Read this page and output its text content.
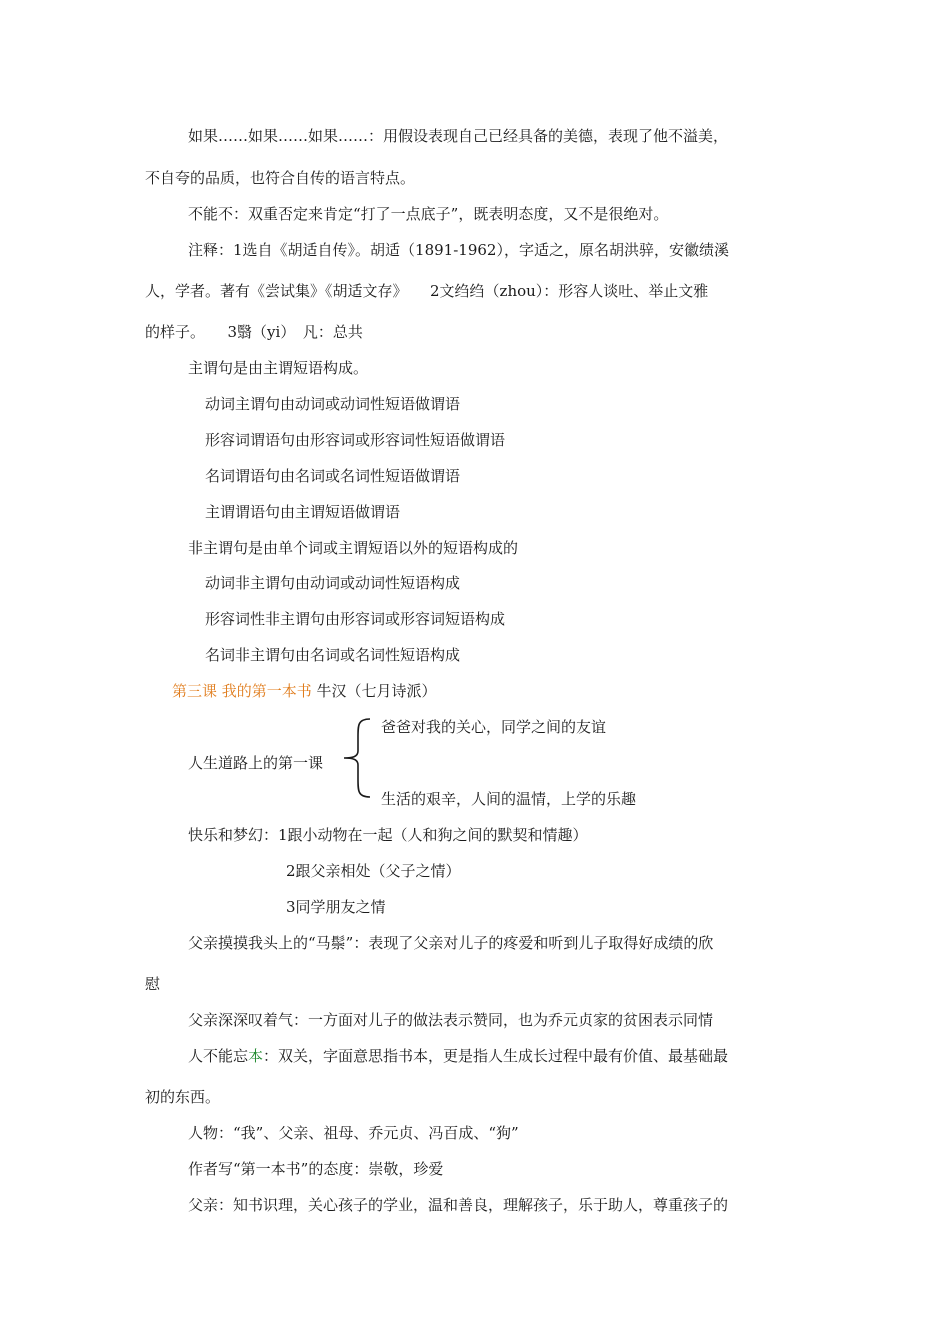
如果……如果……如果……：用假设表现自己已经具备的美德，表现了他不溢美，
不自夸的品质，也符合自传的语言特点。
不能不：双重否定来肯定“打了一点底子”，既表明态度，又不是很绝对。
注释：1选自《胡适自传》。胡适（1891-1962），字适之，原名胡洪骍，安徽绩溪
人，学者。著有《尝试集》《胡适文存》　　2文绉绉（zhou）：形容人谈吐、举止文雅
的样子。　　3翳（yi）　凡：总共
主谓句是由主谓短语构成。
动词主谓句由动词或动词性短语做谓语
形容词谓语句由形容词或形容词性短语做谓语
名词谓语句由名词或名词性短语做谓语
主谓谓语句由主谓短语做谓语
非主谓句是由单个词或主谓短语以外的短语构成的
动词非主谓句由动词或动词性短语构成
形容词性非主谓句由形容词或形容词短语构成
名词非主谓句由名词或名词性短语构成
第三课 我的第一本书 牛汉（七月诗派）
爸爸对我的关心，同学之间的友谊
人生道路上的第一课
生活的艰辛，人间的温情，上学的乐趣
快乐和梦幻：1跟小动物在一起（人和狗之间的默契和情趣）
2跟父亲相处（父子之情）
3同学朋友之情
父亲摸摸我头上的“马鬃”：表现了父亲对儿子的疼爱和听到儿子取得好成绩的欣
慰
父亲深深叹着气：一方面对儿子的做法表示赞同，也为乔元贞家的贫困表示同情
人不能忘本：双关，字面意思指书本，更是指人生成长过程中最有价值、最基础最
初的东西。
人物：“我”、父亲、祖母、乔元贞、冯百成、“狗”
作者写“第一本书”的态度：崇敬，珍爱
父亲：知书识理，关心孩子的学业，温和善良，理解孩子，乐于助人，尊重孩子的
